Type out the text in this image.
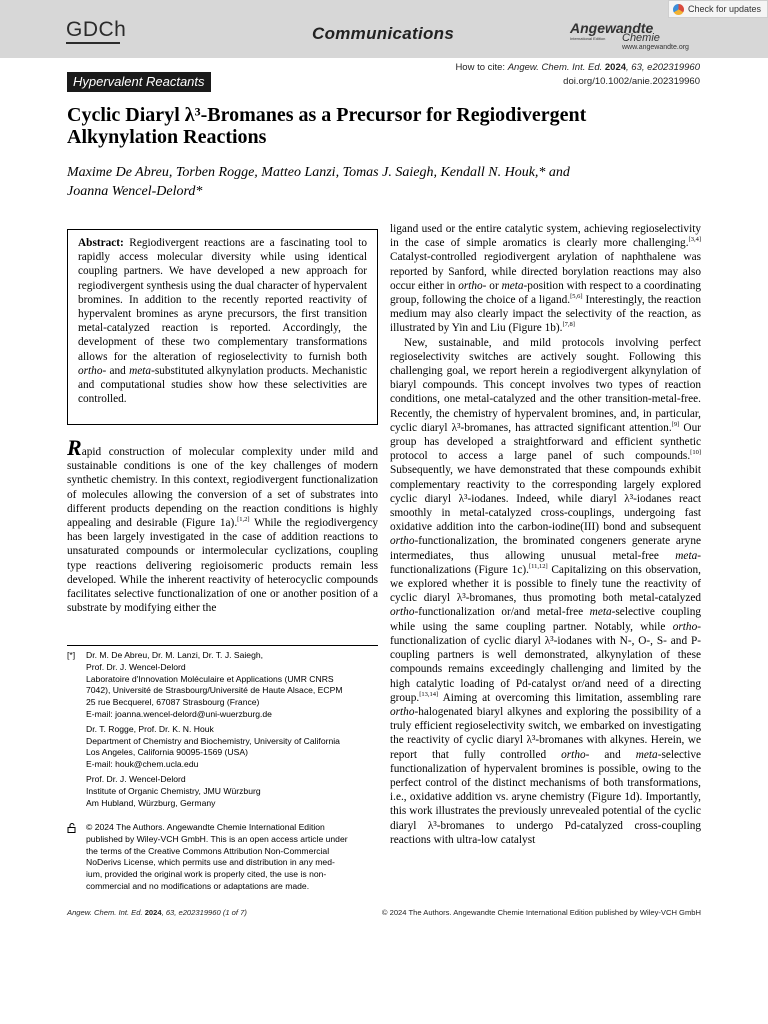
GDCh	Communications	Angewandte
International Edition Chemie
www.angewandte.org
Check for updates
Hypervalent Reactants
How to cite: Angew. Chem. Int. Ed. 2024, 63, e202319960
doi.org/10.1002/anie.202319960
Cyclic Diaryl λ³-Bromanes as a Precursor for Regiodivergent
Alkynylation Reactions
Maxime De Abreu, Torben Rogge, Matteo Lanzi, Tomas J. Saiegh, Kendall N. Houk,* and
Joanna Wencel-Delord*
Abstract: Regiodivergent reactions are a fascinating tool to rapidly access molecular diversity while using identical coupling partners. We have developed a new approach for regiodivergent synthesis using the dual character of hypervalent bromines. In addition to the recently reported reactivity of hypervalent bromines as aryne precursors, the first transition metal-catalyzed reaction is reported. Accordingly, the development of these two complementary transformations allows for the alteration of regioselectivity to furnish both ortho- and meta-substituted alkynylation products. Mechanistic and computational studies show how these selectivities are controlled.

Rapid construction of molecular complexity under mild and sustainable conditions is one of the key challenges of modern synthetic chemistry. In this context, regiodivergent functionalization of molecules allowing the conversion of a set of substrates into different products depending on the reaction conditions is highly appealing and desirable (Figure 1a).[1,2] While the regiodivergency has been largely investigated in the case of addition reactions to unsaturated compounds or intermolecular cyclizations, coupling type reactions delivering regioisomeric products remain less developed. While the inherent reactivity of heterocyclic compounds facilitates selective functionalization of one or another position of a substrate by modifying either the

ligand used or the entire catalytic system, achieving regioselectivity in the case of simple aromatics is clearly more challenging.[3,4] Catalyst-controlled regiodivergent arylation of naphthalene was reported by Sanford, while directed borylation reactions may also occur either in ortho- or meta-position with respect to a coordinating group, following the choice of a ligand.[5,6] Interestingly, the reaction medium may also clearly impact the selectivity of the reaction, as illustrated by Yin and Liu (Figure 1b).[7,8]

New, sustainable, and mild protocols involving perfect regioselectivity switches are actively sought. Following this challenging goal, we report herein a regiodivergent alkynylation of biaryl compounds. This concept involves two types of reaction conditions, one metal-catalyzed and the other transition-metal-free. Recently, the chemistry of hypervalent bromines, and, in particular, cyclic diaryl λ³-bromanes, has attracted significant attention.[9] Our group has developed a straightforward and efficient synthetic protocol to access a large panel of such compounds.[10] Subsequently, we have demonstrated that these compounds exhibit complementary reactivity to the corresponding largely explored cyclic diaryl λ³-iodanes. Indeed, while diaryl λ³-iodanes react smoothly in metal-catalyzed cross-couplings, undergoing fast oxidative addition into the carbon-iodine(III) bond and subsequent ortho-functionalization, the brominated congeners generate aryne intermediates, thus allowing unusual metal-free meta-functionalizations (Figure 1c).[11,12] Capitalizing on this observation, we explored whether it is possible to finely tune the reactivity of cyclic diaryl λ³-bromanes, thus promoting both metal-catalyzed ortho-functionalization or/and metal-free meta-selective coupling while using the same coupling partner. Notably, while ortho-functionalization of cyclic diaryl λ³-iodanes with N-, O-, S- and P-coupling partners is well demonstrated, alkynylation of these compounds remains exceedingly challenging and limited by the high catalytic loading of Pd-catalyst or/and need of a directing group.[13,14] Aiming at overcoming this limitation, assembling rare ortho-halogenated biaryl alkynes and exploring the possibility of a truly efficient regioselectivity switch, we embarked on investigating the reactivity of cyclic diaryl λ³-bromanes with alkynes. Herein, we report that fully controlled ortho- and meta-selective functionalization of hypervalent bromines is possible, owing to the perfect control of the distinct mechanisms of both transformations, i.e., oxidative addition vs. aryne chemistry (Figure 1d). Importantly, this work illustrates the previously unrevealed potential of the cyclic diaryl λ³-bromanes to undergo Pd-catalyzed cross-coupling reactions with ultra-low catalyst

[*] Dr. M. De Abreu, Dr. M. Lanzi, Dr. T. J. Saiegh,
Prof. Dr. J. Wencel-Delord
Laboratoire d'Innovation Moléculaire et Applications (UMR CNRS
7042), Université de Strasbourg/Université de Haute Alsace, ECPM
25 rue Becquerel, 67087 Strasbourg (France)
E-mail: joanna.wencel-delord@uni-wuerzburg.de
Dr. T. Rogge, Prof. Dr. K. N. Houk
Department of Chemistry and Biochemistry, University of California
Los Angeles, California 90095-1569 (USA)
E-mail: houk@chem.ucla.edu
Prof. Dr. J. Wencel-Delord
Institute of Organic Chemistry, JMU Würzburg
Am Hubland, Würzburg, Germany
© 2024 The Authors. Angewandte Chemie International Edition
published by Wiley-VCH GmbH. This is an open access article under
the terms of the Creative Commons Attribution Non-Commercial
NoDerivs License, which permits use and distribution in any med-
ium, provided the original work is properly cited, the use is non-
commercial and no modifications or adaptations are made.
Angew. Chem. Int. Ed. 2024, 63, e202319960 (1 of 7)	© 2024 The Authors. Angewandte Chemie International Edition published by Wiley-VCH GmbH
